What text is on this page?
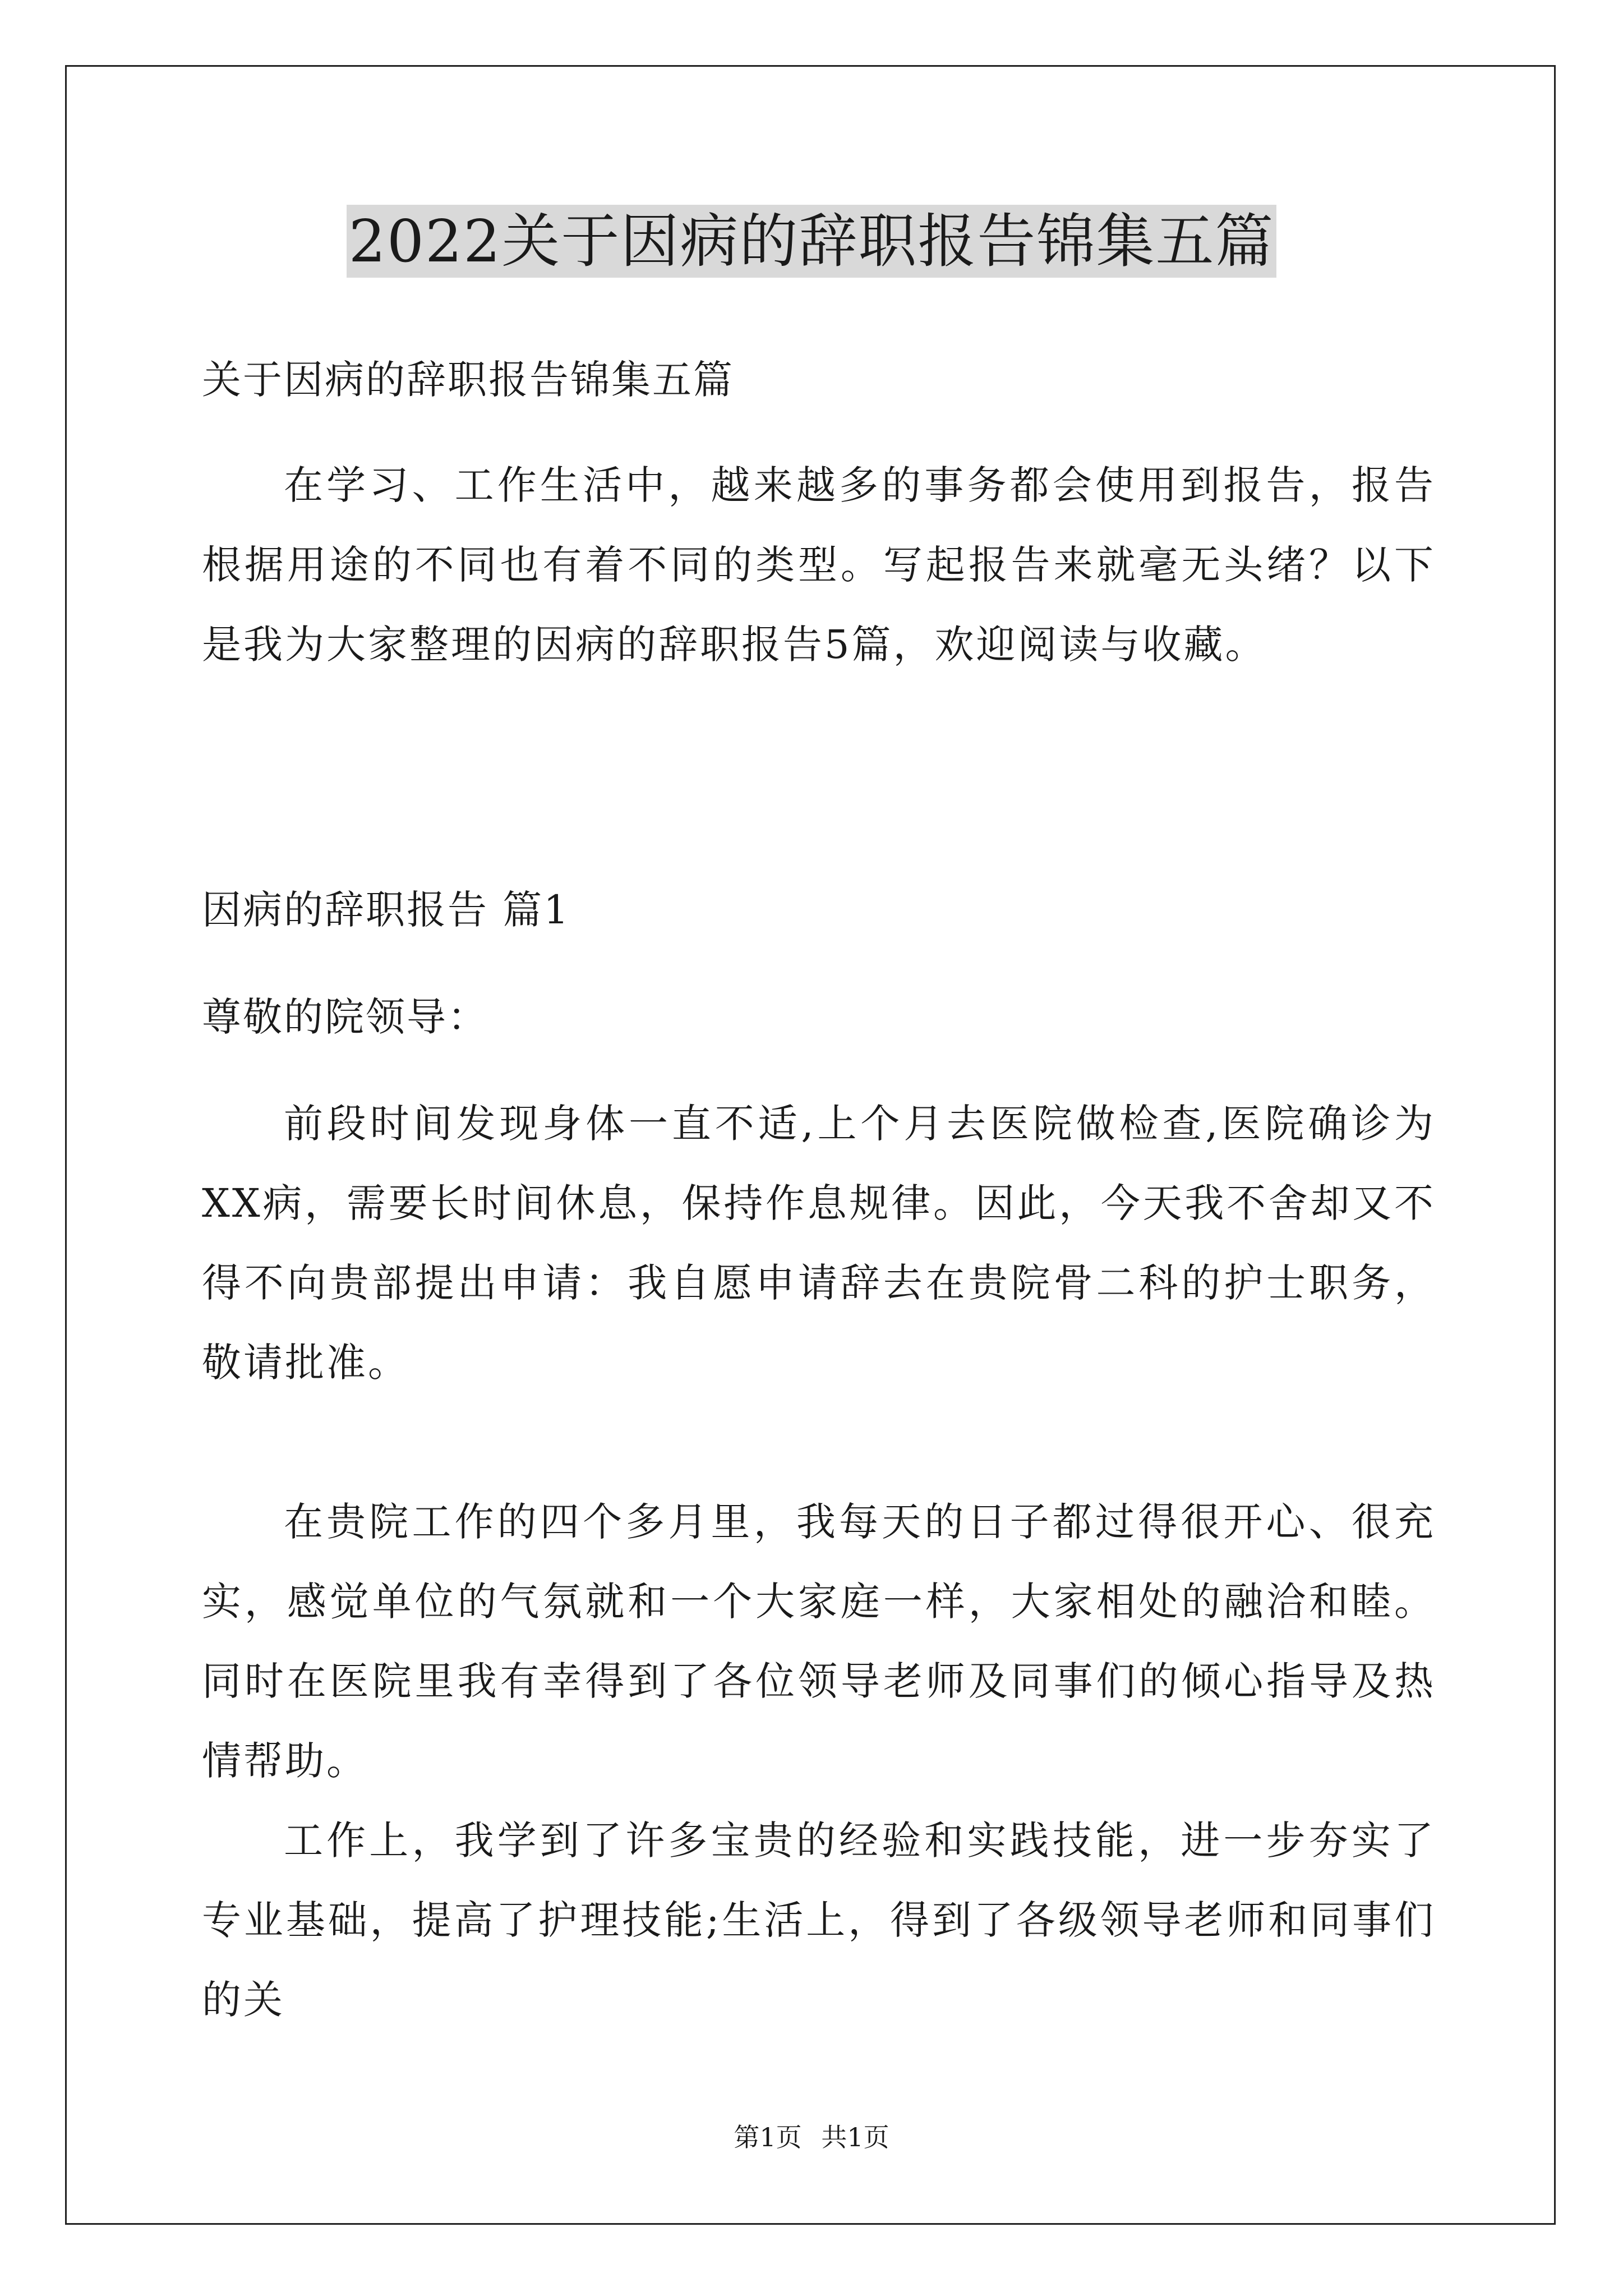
2022关于因病的辞职报告锦集五篇
关于因病的辞职报告锦集五篇
在学习、工作生活中，越来越多的事务都会使用到报告，报告根据用途的不同也有着不同的类型。写起报告来就毫无头绪？以下是我为大家整理的因病的辞职报告5篇，欢迎阅读与收藏。
因病的辞职报告 篇1
尊敬的院领导：
前段时间发现身体一直不适,上个月去医院做检查,医院确诊为XX病，需要长时间休息，保持作息规律。因此，今天我不舍却又不得不向贵部提出申请：我自愿申请辞去在贵院骨二科的护士职务，敬请批准。
在贵院工作的四个多月里，我每天的日子都过得很开心、很充实，感觉单位的气氛就和一个大家庭一样，大家相处的融洽和睦。同时在医院里我有幸得到了各位领导老师及同事们的倾心指导及热情帮助。
工作上，我学到了许多宝贵的经验和实践技能，进一步夯实了专业基础，提高了护理技能;生活上，得到了各级领导老师和同事们的关
第1页 共1页
